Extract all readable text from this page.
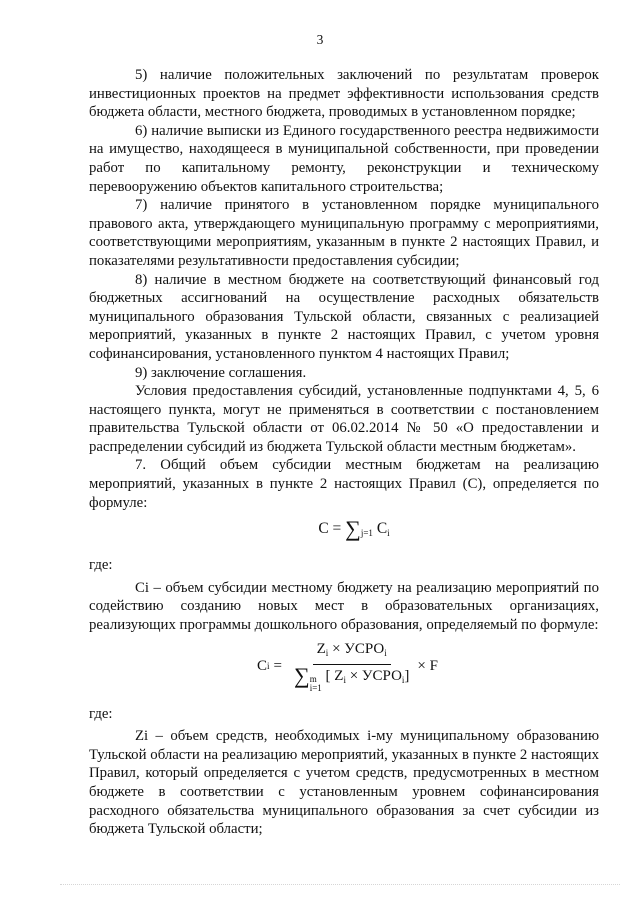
3

5) наличие положительных заключений по результатам проверок инвестиционных проектов на предмет эффективности использования средств бюджета области, местного бюджета, проводимых в установленном порядке;

6) наличие выписки из Единого государственного реестра недвижимости на имущество, находящееся в муниципальной собственности, при проведении работ по капитальному ремонту, реконструкции и техническому перевооружению объектов капитального строительства;

7) наличие принятого в установленном порядке муниципального правового акта, утверждающего муниципальную программу с мероприятиями, соответствующими мероприятиям, указанным в пункте 2 настоящих Правил, и показателями результативности предоставления субсидии;

8) наличие в местном бюджете на соответствующий финансовый год бюджетных ассигнований на осуществление расходных обязательств муниципального образования Тульской области, связанных с реализацией мероприятий, указанных в пункте 2 настоящих Правил, с учетом уровня софинансирования, установленного пунктом 4 настоящих Правил;

9) заключение соглашения.

Условия предоставления субсидий, установленные подпунктами 4, 5, 6 настоящего пункта, могут не применяться в соответствии с постановлением правительства Тульской области от 06.02.2014 № 50 «О предоставлении и распределении субсидий из бюджета Тульской области местным бюджетам».

7. Общий объем субсидии местным бюджетам на реализацию мероприятий, указанных в пункте 2 настоящих Правил (С), определяется по формуле:

$C = \sum_{j=1}$ $C_i$

где:

Ci – объем субсидии местному бюджету на реализацию мероприятий по содействию созданию новых мест в образовательных организациях, реализующих программы дошкольного образования, определяемый по формуле:

C $i = Z_i$ × $УСРО_i$
∑ m
i=1
[ $Z_i$ × $УСРО_i] \times F$

где:

Zi – объем средств, необходимых i-му муниципальному образованию Тульской области на реализацию мероприятий, указанных в пункте 2 настоящих Правил, который определяется с учетом средств, предусмотренных в местном бюджете в соответствии с установленным уровнем софинансирования расходного обязательства муниципального образования за счет субсидии из бюджета Тульской области;
